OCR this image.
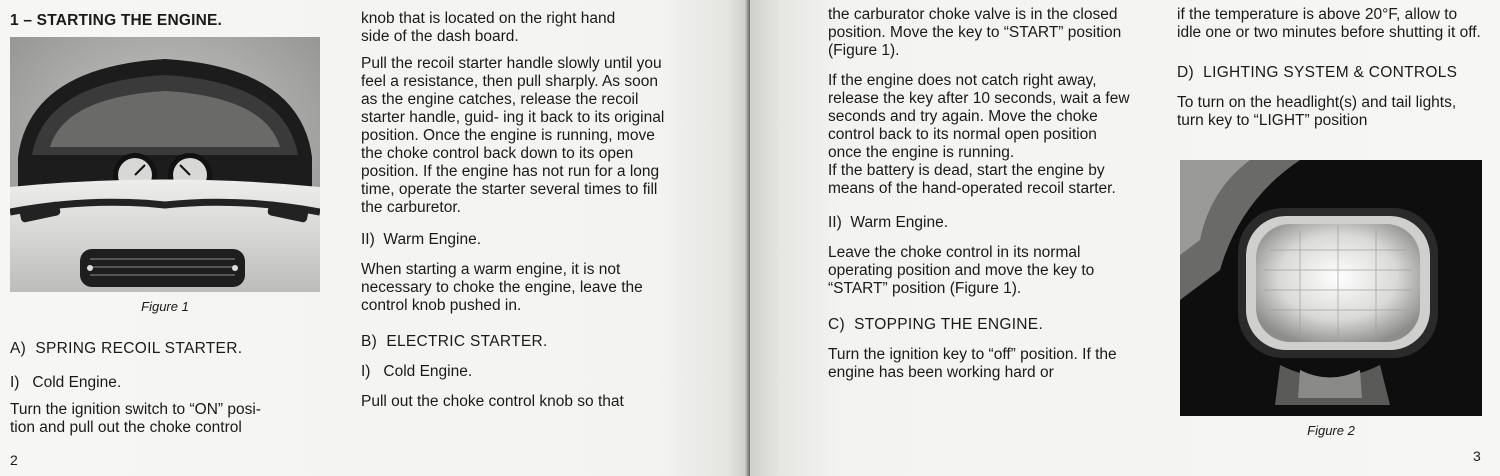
1 – STARTING THE ENGINE.
Figure 1

A)  SPRING RECOIL STARTER.

I)   Cold Engine.

Turn the ignition switch to “ON” posi-
tion and pull out the choke control
2
knob that is located on the right hand
side of the dash board.

Pull the recoil starter handle slowly until you feel a resistance, then pull sharply. As soon as the engine catches, release the recoil starter handle, guid- ing it back to its original position. Once the engine is running, move the choke control back down to its open position. If the engine has not run for a long time, operate the starter several times to fill the carburetor.

II)  Warm Engine.

When starting a warm engine, it is not necessary to choke the engine, leave the control knob pushed in.

B)  ELECTRIC STARTER.

I)   Cold Engine.

Pull out the choke control knob so that

the carburator choke valve is in the closed position. Move the key to “START” position (Figure 1).

If the engine does not catch right away, release the key after 10 seconds, wait a few seconds and try again. Move the choke control back to its normal open position once the engine is running.

If the battery is dead, start the engine by means of the hand-operated recoil starter.

II)  Warm Engine.

Leave the choke control in its normal operating position and move the key to “START” position (Figure 1).

C)  STOPPING THE ENGINE.

Turn the ignition key to “off” position. If the engine has been working hard or

if the temperature is above 20°F, allow to idle one or two minutes before shutting it off.

D)  LIGHTING SYSTEM & CONTROLS

To turn on the headlight(s) and tail lights, turn key to “LIGHT” position

Figure 2
3
